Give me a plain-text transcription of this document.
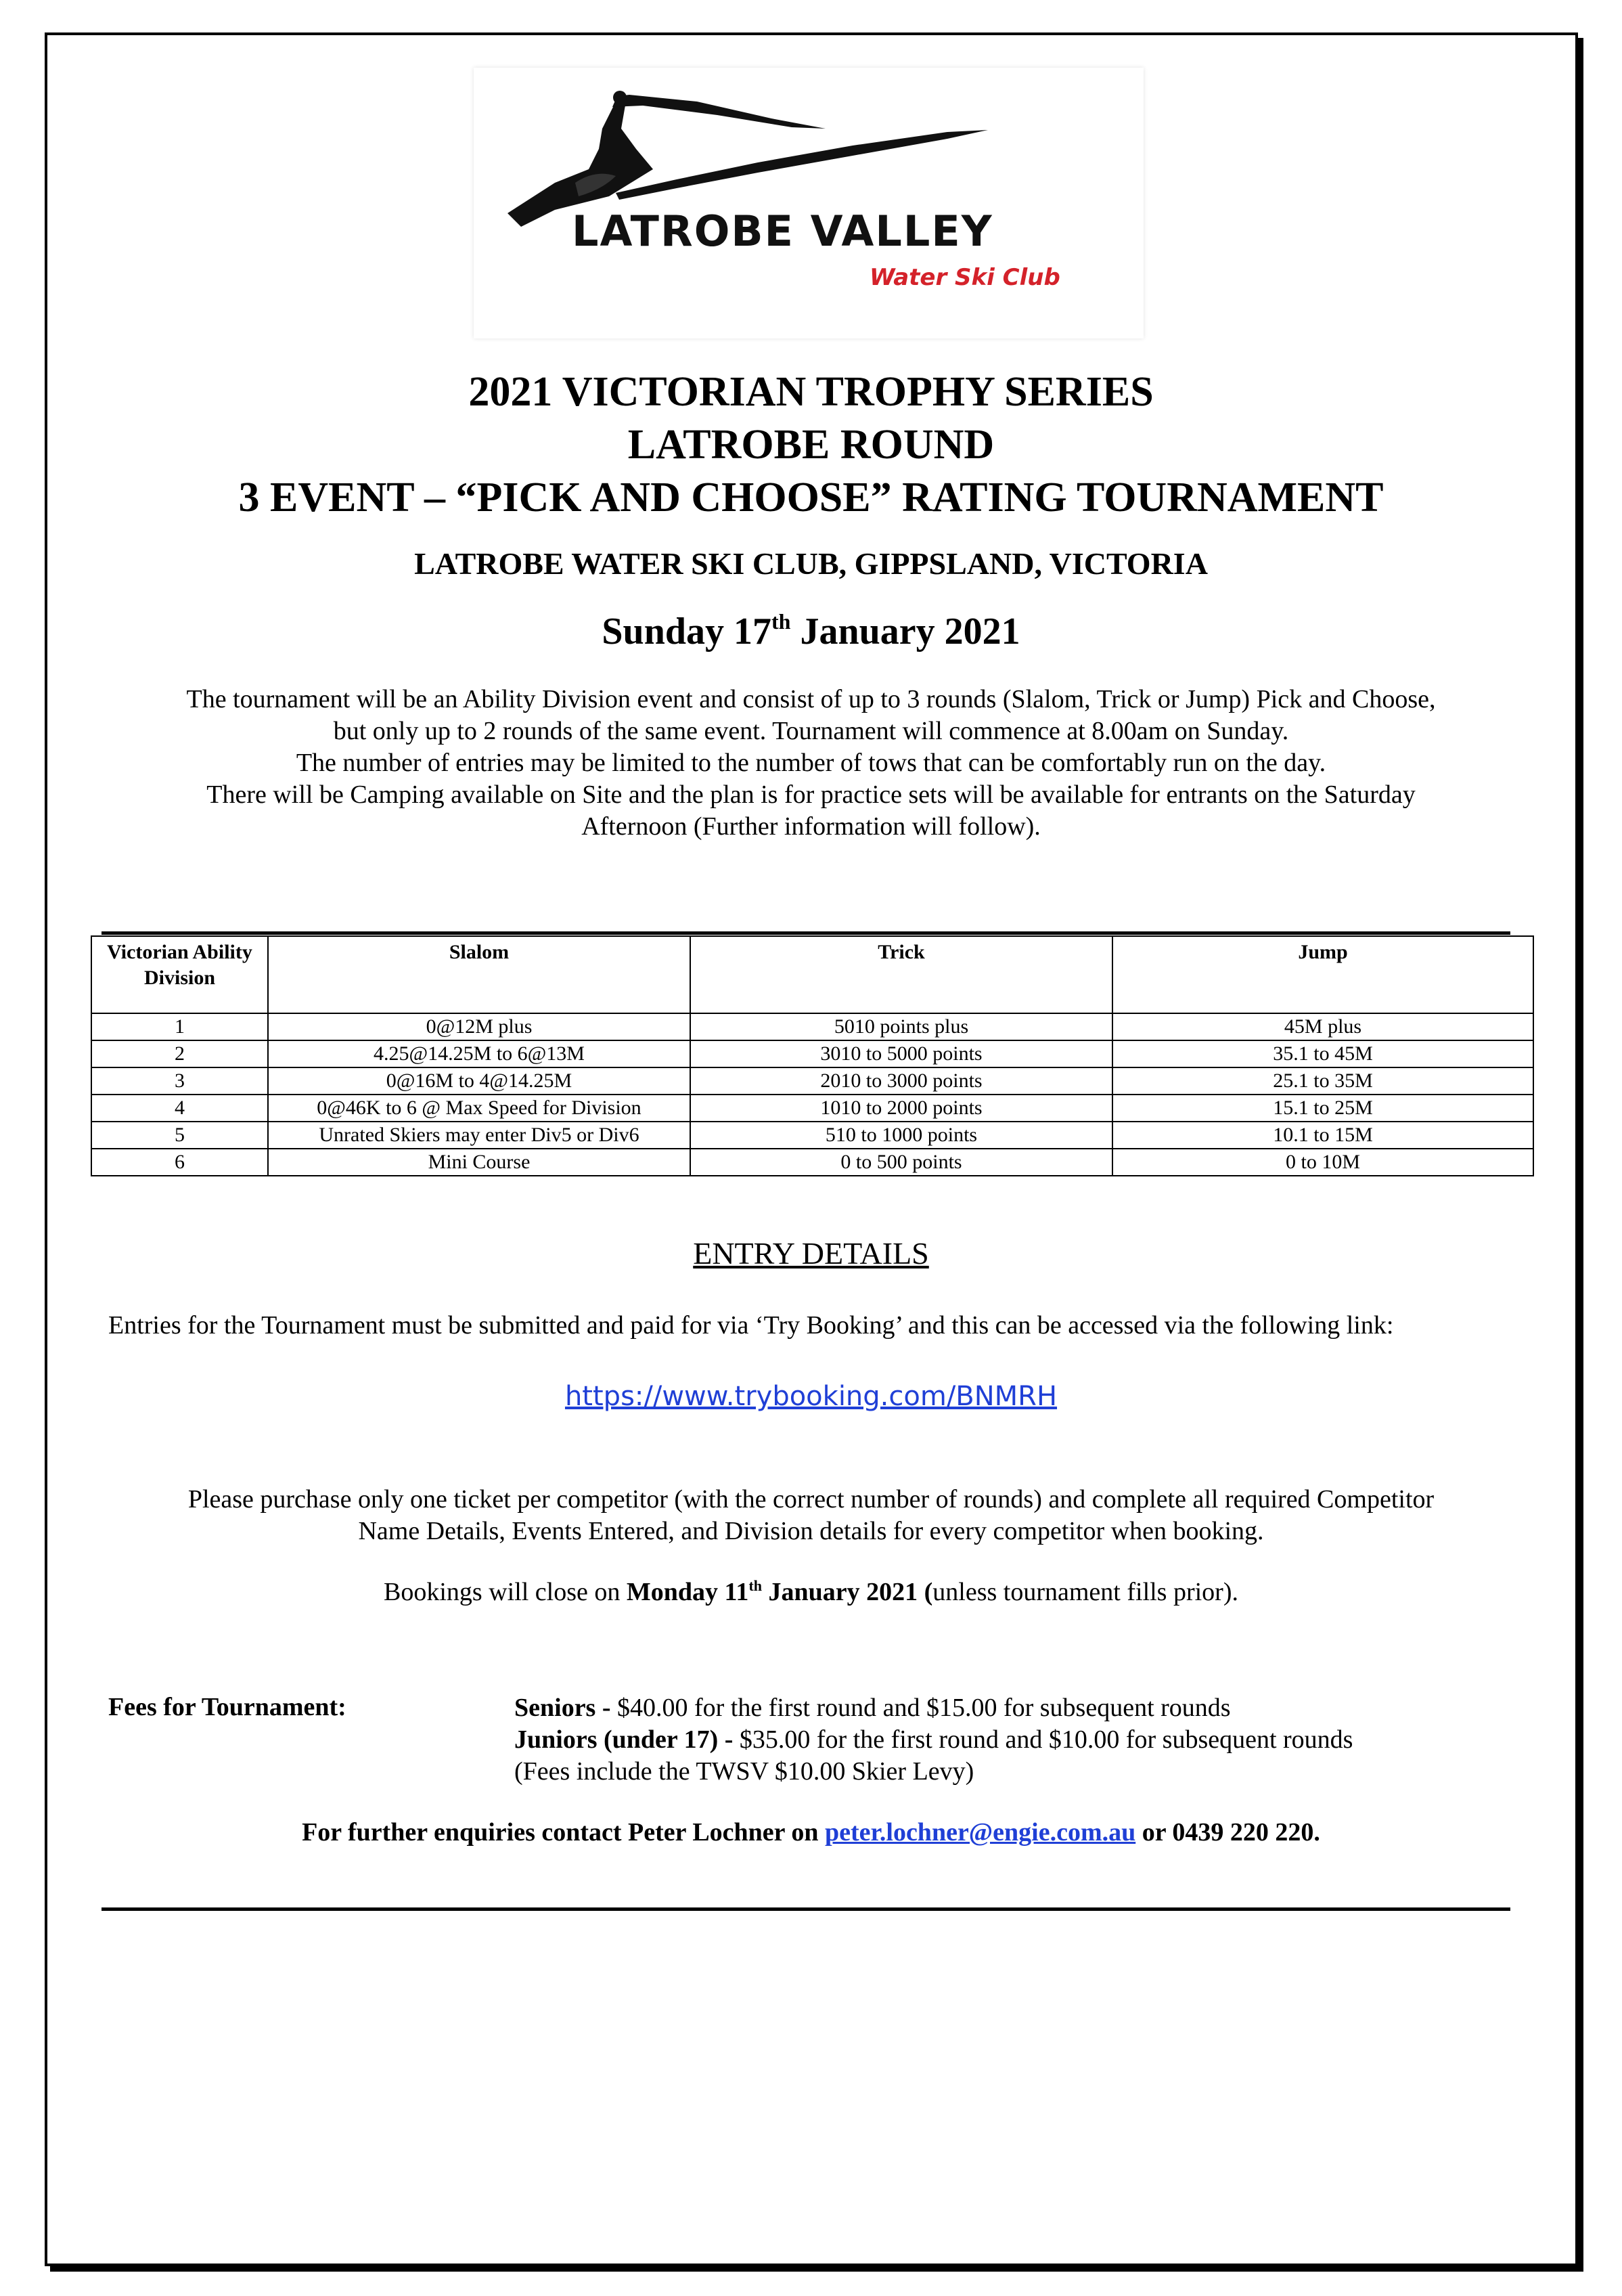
LATROBE VALLEY
Water Ski Club
2021 VICTORIAN TROPHY SERIES
LATROBE ROUND
3 EVENT – “PICK AND CHOOSE” RATING TOURNAMENT
LATROBE WATER SKI CLUB, GIPPSLAND, VICTORIA
Sunday 17th January 2021
The tournament will be an Ability Division event and consist of up to 3 rounds (Slalom, Trick or Jump) Pick and Choose,
but only up to 2 rounds of the same event. Tournament will commence at 8.00am on Sunday.
The number of entries may be limited to the number of tows that can be comfortably run on the day.
There will be Camping available on Site and the plan is for practice sets will be available for entrants on the Saturday
Afternoon (Further information will follow).
Victorian Ability Division	Slalom	Trick	Jump
1	0@12M plus	5010 points plus	45M plus
2	4.25@14.25M to 6@13M	3010 to 5000 points	35.1 to 45M
3	0@16M to 4@14.25M	2010 to 3000 points	25.1 to 35M
4	0@46K to 6 @ Max Speed for Division	1010 to 2000 points	15.1 to 25M
5	Unrated Skiers may enter Div5 or Div6	510 to 1000 points	10.1 to 15M
6	Mini Course	0 to 500 points	0 to 10M
ENTRY DETAILS
Entries for the Tournament must be submitted and paid for via ‘Try Booking’ and this can be accessed via the following link:
https://www.trybooking.com/BNMRH
Please purchase only one ticket per competitor (with the correct number of rounds) and complete all required Competitor
Name Details, Events Entered, and Division details for every competitor when booking.
Bookings will close on Monday 11th January 2021 (unless tournament fills prior).
Fees for Tournament:	Seniors - $40.00 for the first round and $15.00 for subsequent rounds
Juniors (under 17) - $35.00 for the first round and $10.00 for subsequent rounds
(Fees include the TWSV $10.00 Skier Levy)
For further enquiries contact Peter Lochner on peter.lochner@engie.com.au or 0439 220 220.
